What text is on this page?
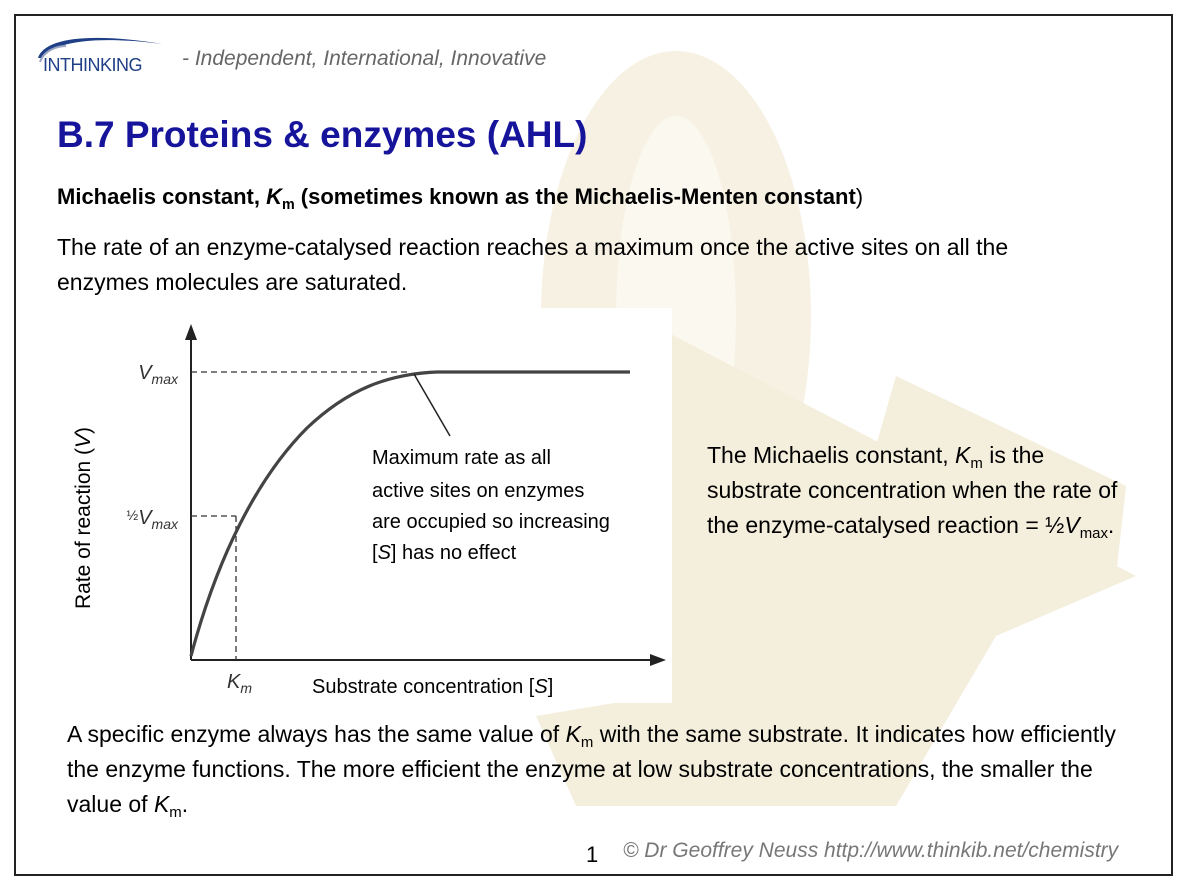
INTHINKING - Independent, International, Innovative
B.7 Proteins & enzymes (AHL)
Michaelis constant, $K_m$ (sometimes known as the Michaelis-Menten constant)
The rate of an enzyme-catalysed reaction reaches a maximum once the active sites on all the enzymes molecules are saturated.
$V_{max}$
$^{\frac{1}{2}}V_{max}$
$K_m$
Rate of reaction (V)
Substrate concentration [S]
Maximum rate as all
active sites on enzymes
are occupied so increasing
[S] has no effect
The Michaelis constant, $K_m$ is the substrate concentration when the rate of the enzyme-catalysed reaction = $\frac{1}{2}V_{max}$.
A specific enzyme always has the same value of $K_m$ with the same substrate. It indicates how efficiently the enzyme functions. The more efficient the enzyme at low substrate concentrations, the smaller the value of $K_m$.
1 © Dr Geoffrey Neuss http://www.thinkib.net/chemistry
